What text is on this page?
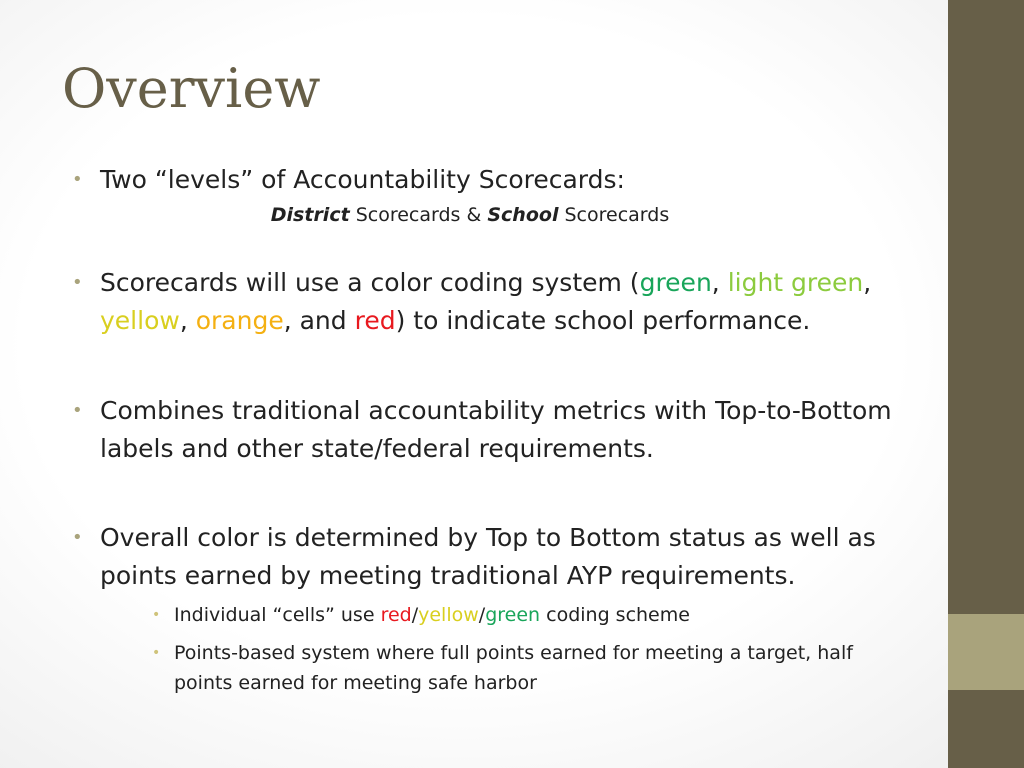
Overview

• Two “levels” of Accountability Scorecards:

District Scorecards & School Scorecards

• Scorecards will use a color coding system (green, light green, yellow, orange, and red) to indicate school performance.

• Combines traditional accountability metrics with Top-to-Bottom labels and other state/federal requirements.

• Overall color is determined by Top to Bottom status as well as points earned by meeting traditional AYP requirements.

• Individual “cells” use red/yellow/green coding scheme

• Points-based system where full points earned for meeting a target, half points earned for meeting safe harbor
